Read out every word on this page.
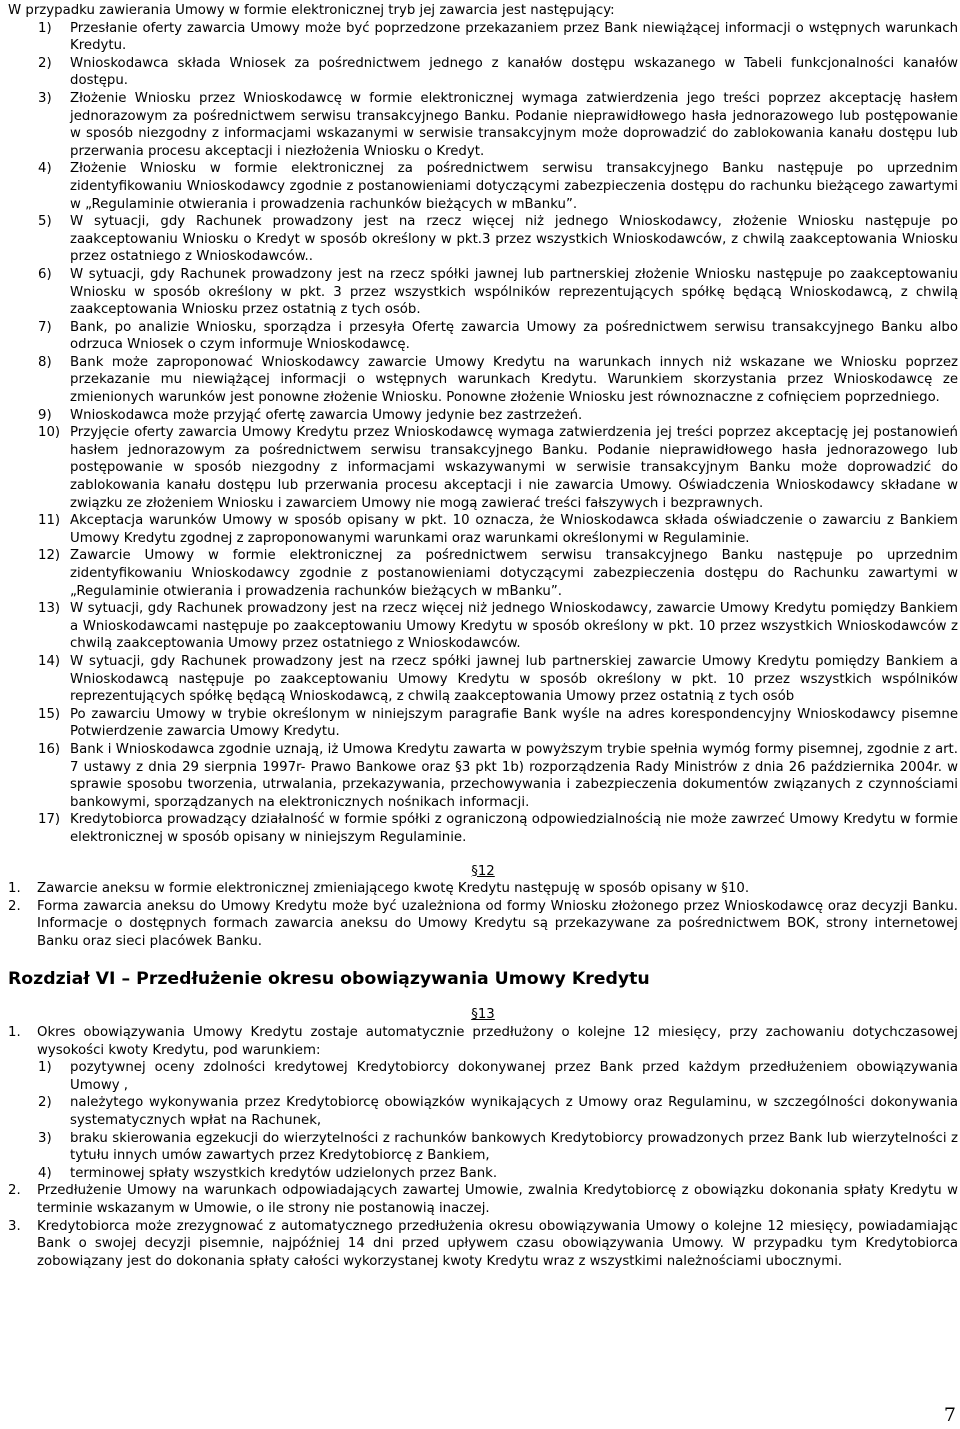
W przypadku zawierania Umowy w formie elektronicznej tryb jej zawarcia jest następujący:

1) Przesłanie oferty zawarcia Umowy może być poprzedzone przekazaniem przez Bank niewiążącej informacji o wstępnych warunkach Kredytu.
2) Wnioskodawca składa Wniosek za pośrednictwem jednego z kanałów dostępu wskazanego w Tabeli funkcjonalności kanałów dostępu.
3) Złożenie Wniosku przez Wnioskodawcę w formie elektronicznej wymaga zatwierdzenia jego treści poprzez akceptację hasłem jednorazowym za pośrednictwem serwisu transakcyjnego Banku. Podanie nieprawidłowego hasła jednorazowego lub postępowanie w sposób niezgodny z informacjami wskazanymi w serwisie transakcyjnym może doprowadzić do zablokowania kanału dostępu lub przerwania procesu akceptacji i niezłożenia Wniosku o Kredyt.
4) Złożenie Wniosku w formie elektronicznej za pośrednictwem serwisu transakcyjnego Banku następuje po uprzednim zidentyfikowaniu Wnioskodawcy zgodnie z postanowieniami dotyczącymi zabezpieczenia dostępu do rachunku bieżącego zawartymi w „Regulaminie otwierania i prowadzenia rachunków bieżących w mBanku”.
5) W sytuacji, gdy Rachunek prowadzony jest na rzecz więcej niż jednego Wnioskodawcy, złożenie Wniosku następuje po zaakceptowaniu Wniosku o Kredyt w sposób określony w pkt.3 przez wszystkich Wnioskodawców, z chwilą zaakceptowania Wniosku przez ostatniego z Wnioskodawców..
6) W sytuacji, gdy Rachunek prowadzony jest na rzecz spółki jawnej lub partnerskiej złożenie Wniosku następuje po zaakceptowaniu Wniosku w sposób określony w pkt. 3 przez wszystkich wspólników reprezentujących spółkę będącą Wnioskodawcą, z chwilą zaakceptowania Wniosku przez ostatnią z tych osób.
7) Bank, po analizie Wniosku, sporządza i przesyła Ofertę zawarcia Umowy za pośrednictwem serwisu transakcyjnego Banku albo odrzuca Wniosek o czym informuje Wnioskodawcę.
8) Bank może zaproponować Wnioskodawcy zawarcie Umowy Kredytu na warunkach innych niż wskazane we Wniosku poprzez przekazanie mu niewiążącej informacji o wstępnych warunkach Kredytu. Warunkiem skorzystania przez Wnioskodawcę ze zmienionych warunków jest ponowne złożenie Wniosku. Ponowne złożenie Wniosku jest równoznaczne z cofnięciem poprzedniego.
9) Wnioskodawca może przyjąć ofertę zawarcia Umowy jedynie bez zastrzeżeń.
10) Przyjęcie oferty zawarcia Umowy Kredytu przez Wnioskodawcę wymaga zatwierdzenia jej treści poprzez akceptację jej postanowień hasłem jednorazowym za pośrednictwem serwisu transakcyjnego Banku. Podanie nieprawidłowego hasła jednorazowego lub postępowanie w sposób niezgodny z informacjami wskazywanymi w serwisie transakcyjnym Banku może doprowadzić do zablokowania kanału dostępu lub przerwania procesu akceptacji i nie zawarcia Umowy. Oświadczenia Wnioskodawcy składane w związku ze złożeniem Wniosku i zawarciem Umowy nie mogą zawierać treści fałszywych i bezprawnych.
11) Akceptacja warunków Umowy w sposób opisany w pkt. 10 oznacza, że Wnioskodawca składa oświadczenie o zawarciu z Bankiem Umowy Kredytu zgodnej z zaproponowanymi warunkami oraz warunkami określonymi w Regulaminie.
12) Zawarcie Umowy w formie elektronicznej za pośrednictwem serwisu transakcyjnego Banku następuje po uprzednim zidentyfikowaniu Wnioskodawcy zgodnie z postanowieniami dotyczącymi zabezpieczenia dostępu do Rachunku zawartymi w „Regulaminie otwierania i prowadzenia rachunków bieżących w mBanku”.
13) W sytuacji, gdy Rachunek prowadzony jest na rzecz więcej niż jednego Wnioskodawcy, zawarcie Umowy Kredytu pomiędzy Bankiem a Wnioskodawcami następuje po zaakceptowaniu Umowy Kredytu w sposób określony w pkt. 10 przez wszystkich Wnioskodawców z chwilą zaakceptowania Umowy przez ostatniego z Wnioskodawców.
14) W sytuacji, gdy Rachunek prowadzony jest na rzecz spółki jawnej lub partnerskiej zawarcie Umowy Kredytu pomiędzy Bankiem a Wnioskodawcą następuje po zaakceptowaniu Umowy Kredytu w sposób określony w pkt. 10 przez wszystkich wspólników reprezentujących spółkę będącą Wnioskodawcą, z chwilą zaakceptowania Umowy przez ostatnią z tych osób
15) Po zawarciu Umowy w trybie określonym w niniejszym paragrafie Bank wyśle na adres korespondencyjny Wnioskodawcy pisemne Potwierdzenie zawarcia Umowy Kredytu.
16) Bank i Wnioskodawca zgodnie uznają, iż Umowa Kredytu zawarta w powyższym trybie spełnia wymóg formy pisemnej, zgodnie z art. 7 ustawy z dnia 29 sierpnia 1997r- Prawo Bankowe oraz §3 pkt 1b) rozporządzenia Rady Ministrów z dnia 26 października 2004r. w sprawie sposobu tworzenia, utrwalania, przekazywania, przechowywania i zabezpieczenia dokumentów związanych z czynnościami bankowymi, sporządzanych na elektronicznych nośnikach informacji.
17) Kredytobiorca prowadzący działalność w formie spółki z ograniczoną odpowiedzialnością nie może zawrzeć Umowy Kredytu w formie elektronicznej w sposób opisany w niniejszym Regulaminie.

§12

1. Zawarcie aneksu w formie elektronicznej zmieniającego kwotę Kredytu następuję w sposób opisany w §10.
2. Forma zawarcia aneksu do Umowy Kredytu może być uzależniona od formy Wniosku złożonego przez Wnioskodawcę oraz decyzji Banku. Informacje o dostępnych formach zawarcia aneksu do Umowy Kredytu są przekazywane za pośrednictwem BOK, strony internetowej Banku oraz sieci placówek Banku.

Rozdział VI – Przedłużenie okresu obowiązywania Umowy Kredytu

§13

1. Okres obowiązywania Umowy Kredytu zostaje automatycznie przedłużony o kolejne 12 miesięcy, przy zachowaniu dotychczasowej wysokości kwoty Kredytu, pod warunkiem:
1) pozytywnej oceny zdolności kredytowej Kredytobiorcy dokonywanej przez Bank przed każdym przedłużeniem obowiązywania Umowy ,
2) należytego wykonywania przez Kredytobiorcę obowiązków wynikających z Umowy oraz Regulaminu, w szczególności dokonywania systematycznych wpłat na Rachunek,
3) braku skierowania egzekucji do wierzytelności z rachunków bankowych Kredytobiorcy prowadzonych przez Bank lub wierzytelności z tytułu innych umów zawartych przez Kredytobiorcę z Bankiem,
4) terminowej spłaty wszystkich kredytów udzielonych przez Bank.
2. Przedłużenie Umowy na warunkach odpowiadających zawartej Umowie, zwalnia Kredytobiorcę z obowiązku dokonania spłaty Kredytu w terminie wskazanym w Umowie, o ile strony nie postanowią inaczej.
3. Kredytobiorca może zrezygnować z automatycznego przedłużenia okresu obowiązywania Umowy o kolejne 12 miesięcy, powiadamiając Bank o swojej decyzji pisemnie, najpóźniej 14 dni przed upływem czasu obowiązywania Umowy. W przypadku tym Kredytobiorca zobowiązany jest do dokonania spłaty całości wykorzystanej kwoty Kredytu wraz z wszystkimi należnościami ubocznymi.
7
